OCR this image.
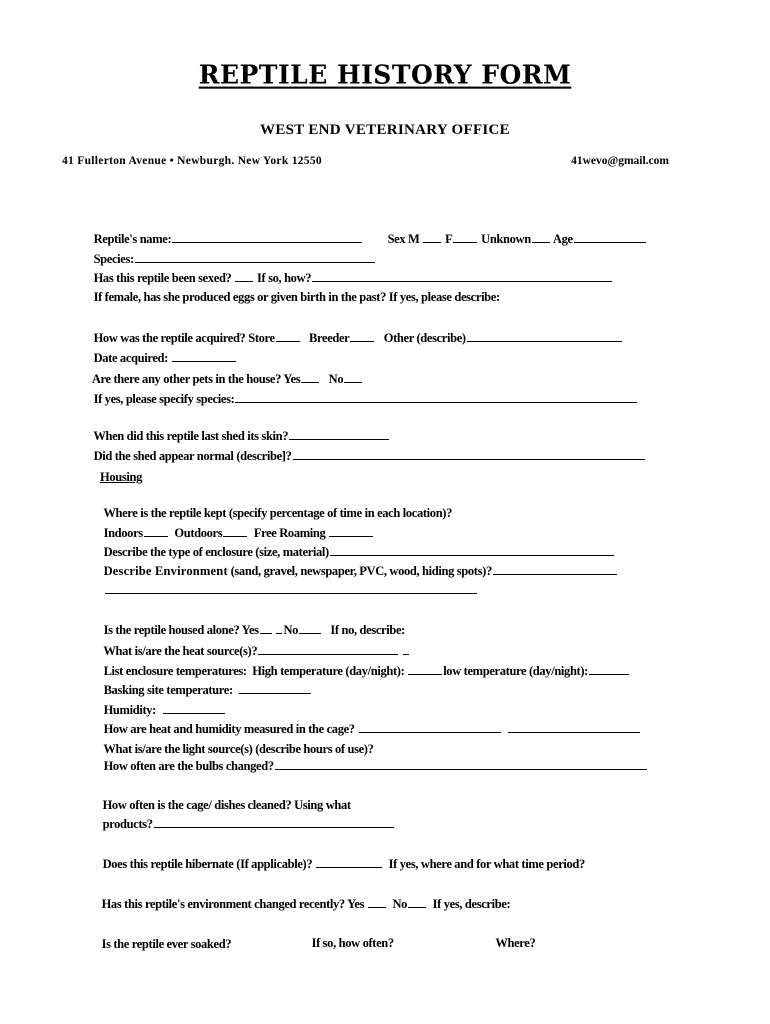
REPTILE HISTORY FORM
WEST END VETERINARY OFFICE
41 Fullerton Avenue • Newburgh. New York 12550	41wevo@gmail.com

Reptile's name:	Sex M F Unknown Age

Species:

Has this reptile been sexed? If so, how?

If female, has she produced eggs or given birth in the past? If yes, please describe:

How was the reptile acquired? Store	Breeder	Other (describe)

Date acquired:

Are there any other pets in the house? Yes No

If yes, please specify species:

When did this reptile last shed its skin?

Did the shed appear normal (describe]?

Housing

Where is the reptile kept (specify percentage of time in each location)?

Indoors	Outdoors	Free Roaming

Describe the type of enclosure (size, material)

Describe Environment (sand, gravel, newspaper, PVC, wood, hiding spots)?

Is the reptile housed alone? Yes No	If no, describe:

What is/are the heat source(s)?

List enclosure temperatures:  High temperature (day/night):	low temperature (day/night):

Basking site temperature:

Humidity:

How are heat and humidity measured in the cage?

What is/are the light source(s) (describe hours of use)?

How often are the bulbs changed?

How often is the cage/ dishes cleaned? Using what

products?

Does this reptile hibernate (If applicable)?	If yes, where and for what time period?

Has this reptile's environment changed recently? Yes No If yes, describe:

Is the reptile ever soaked?	If so, how often?	Where?
